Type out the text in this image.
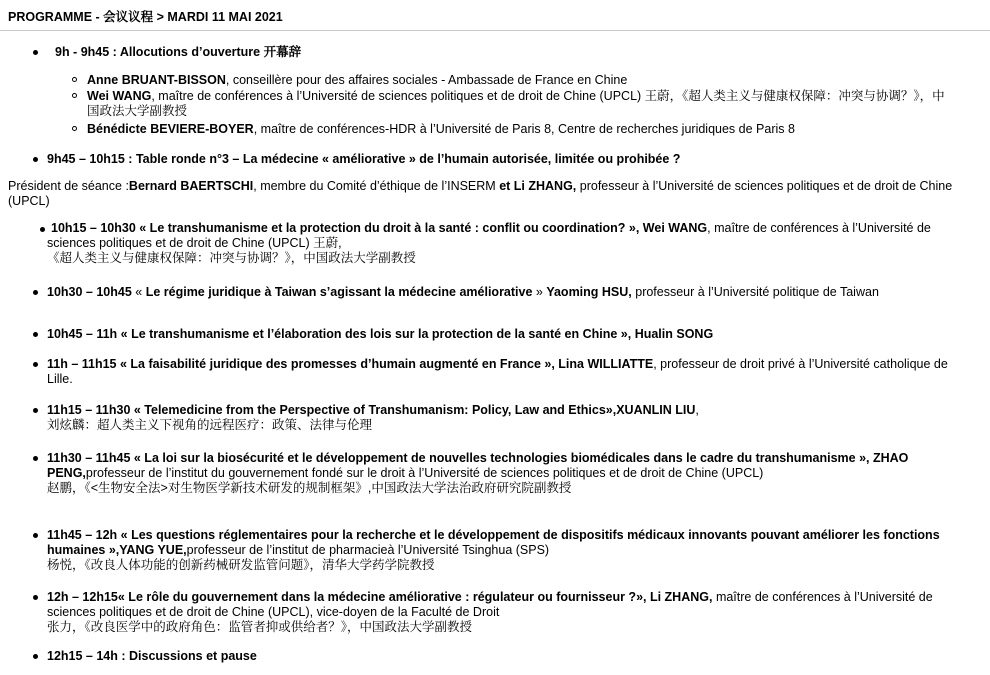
PROGRAMME - 会议议程 > MARDI 11 MAI 2021
9h - 9h45 : Allocutions d’ouverture 开幕辞
Anne BRUANT-BISSON, conseillère pour des affaires sociales - Ambassade de France en Chine
Wei WANG, maître de conférences à l’Université de sciences politiques et de droit de Chine (UPCL) 王蔚，《超人类主义与健康权保障：冲突与协调？》，中国政法大学副教授
Bénédicte BEVIERE-BOYER, maître de conférences-HDR à l’Université de Paris 8, Centre de recherches juridiques de Paris 8
9h45 – 10h15 : Table ronde n°3 – La médecine « améliorative » de l’humain autorisée, limitée ou prohibée ?
Président de séance :Bernard BAERTSCHI, membre du Comité d’éthique de l’INSERM et Li ZHANG, professeur à l’Université de sciences politiques et de droit de Chine (UPCL)
10h15 – 10h30 « Le transhumanisme et la protection du droit à la santé : conflit ou coordination? », Wei WANG, maître de conférences à l’Université de sciences politiques et de droit de Chine (UPCL) 王蔚,
《超人类主义与健康权保障：冲突与协调？》，中国政法大学副教授
10h30 – 10h45 « Le régime juridique à Taiwan s’agissant la médecine améliorative » Yaoming HSU, professeur à l’Université politique de Taiwan
10h45 – 11h « Le transhumanisme et l’élaboration des lois sur la protection de la santé en Chine », Hualin SONG
11h – 11h15 « La faisabilité juridique des promesses d’humain augmenté en France », Lina WILLIATTE, professeur de droit privé à l’Université catholique de Lille.
11h15 – 11h30 « Telemedicine from the Perspective of Transhumanism: Policy, Law and Ethics»,XUANLIN LIU,
刘炫麟：超人类主义下视角的远程医疗：政策、法律与伦理
11h30 – 11h45 « La loi sur la biosécurité et le développement de nouvelles technologies biomédicales dans le cadre du transhumanisme », ZHAO PENG,professeur de l’institut du gouvernement fondé sur le droit à l’Université de sciences politiques et de droit de Chine (UPCL)
赵鹏，《<生物安全法>对生物医学新技术研发的规制框架》,中国政法大学法治政府研究院副教授
11h45 – 12h « Les questions réglementaires pour la recherche et le développement de dispositifs médicaux innovants pouvant améliorer les fonctions humaines »,YANG YUE,professeur de l’institut de pharmacieà l’Université Tsinghua (SPS)
杨悦，《改良人体功能的创新药械研发监管问题》，清华大学药学院教授
12h – 12h15« Le rôle du gouvernement dans la médecine améliorative : régulateur ou fournisseur ?», Li ZHANG, maître de conférences à l’Université de sciences politiques et de droit de Chine (UPCL), vice-doyen de la Faculté de Droit
张力，《改良医学中的政府角色：监管者抑或供给者？》，中国政法大学副教授
12h15 – 14h : Discussions et pause
